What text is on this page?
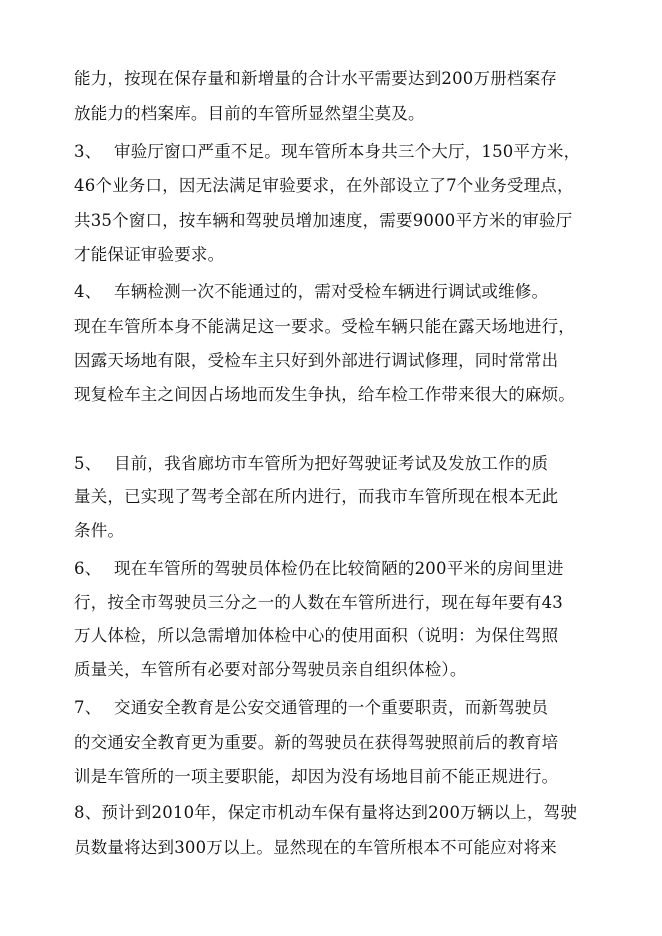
能力，按现在保存量和新增量的合计水平需要达到200万册档案存
放能力的档案库。目前的车管所显然望尘莫及。
3、 审验厅窗口严重不足。现车管所本身共三个大厅，150平方米，
46个业务口，因无法满足审验要求，在外部设立了7个业务受理点，
共35个窗口，按车辆和驾驶员增加速度，需要9000平方米的审验厅
才能保证审验要求。
4、 车辆检测一次不能通过的，需对受检车辆进行调试或维修。
现在车管所本身不能满足这一要求。受检车辆只能在露天场地进行，
因露天场地有限，受检车主只好到外部进行调试修理，同时常常出
现复检车主之间因占场地而发生争执，给车检工作带来很大的麻烦。
5、 目前，我省廊坊市车管所为把好驾驶证考试及发放工作的质
量关，已实现了驾考全部在所内进行，而我市车管所现在根本无此
条件。
6、 现在车管所的驾驶员体检仍在比较简陋的200平米的房间里进
行，按全市驾驶员三分之一的人数在车管所进行，现在每年要有43
万人体检，所以急需增加体检中心的使用面积（说明：为保住驾照
质量关，车管所有必要对部分驾驶员亲自组织体检）。
7、 交通安全教育是公安交通管理的一个重要职责，而新驾驶员
的交通安全教育更为重要。新的驾驶员在获得驾驶照前后的教育培
训是车管所的一项主要职能，却因为没有场地目前不能正规进行。
8、预计到2010年，保定市机动车保有量将达到200万辆以上，驾驶
员数量将达到300万以上。显然现在的车管所根本不可能应对将来
